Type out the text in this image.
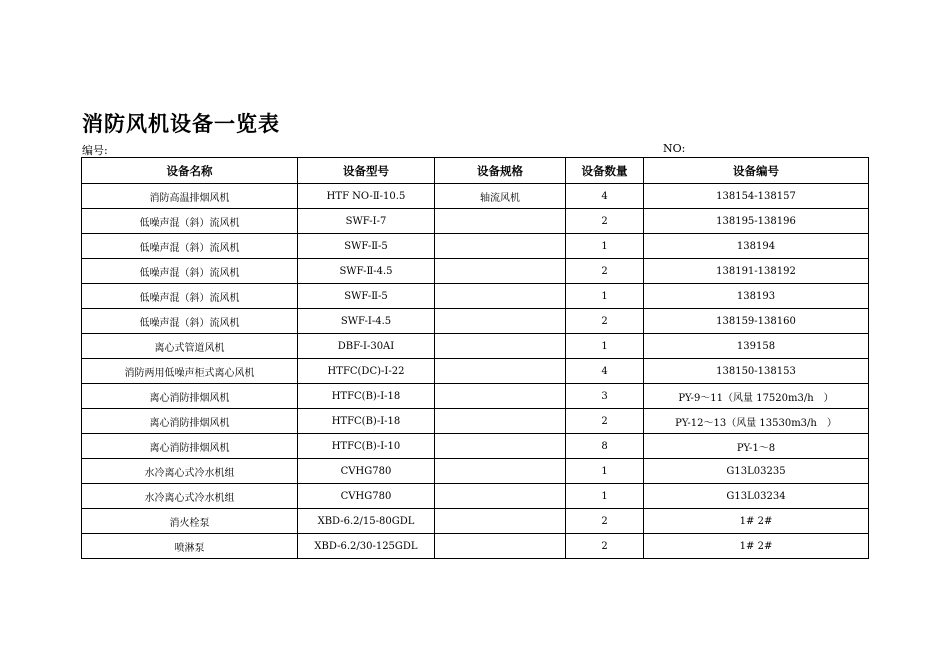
消防风机设备一览表
编号:	NO:
设备名称	设备型号	设备规格	设备数量	设备编号
消防高温排烟风机	HTF NO-Ⅱ-10.5	轴流风机	4	138154-138157
低噪声混（斜）流风机	SWF-Ⅰ-7		2	138195-138196
低噪声混（斜）流风机	SWF-Ⅱ-5		1	138194
低噪声混（斜）流风机	SWF-Ⅱ-4.5		2	138191-138192
低噪声混（斜）流风机	SWF-Ⅱ-5		1	138193
低噪声混（斜）流风机	SWF-Ⅰ-4.5		2	138159-138160
离心式管道风机	DBF-Ⅰ-30AI		1	139158
消防两用低噪声柜式离心风机	HTFC(DC)-Ⅰ-22		4	138150-138153
离心消防排烟风机	HTFC(B)-Ⅰ-18		3	PY-9～11（风量 17520m3/h　）
离心消防排烟风机	HTFC(B)-Ⅰ-18		2	PY-12～13（风量 13530m3/h　）
离心消防排烟风机	HTFC(B)-Ⅰ-10		8	PY-1～8
水冷离心式冷水机组	CVHG780		1	G13L03235
水冷离心式冷水机组	CVHG780		1	G13L03234
消火栓泵	XBD-6.2/15-80GDL		2	1# 2#
喷淋泵	XBD-6.2/30-125GDL		2	1# 2#
